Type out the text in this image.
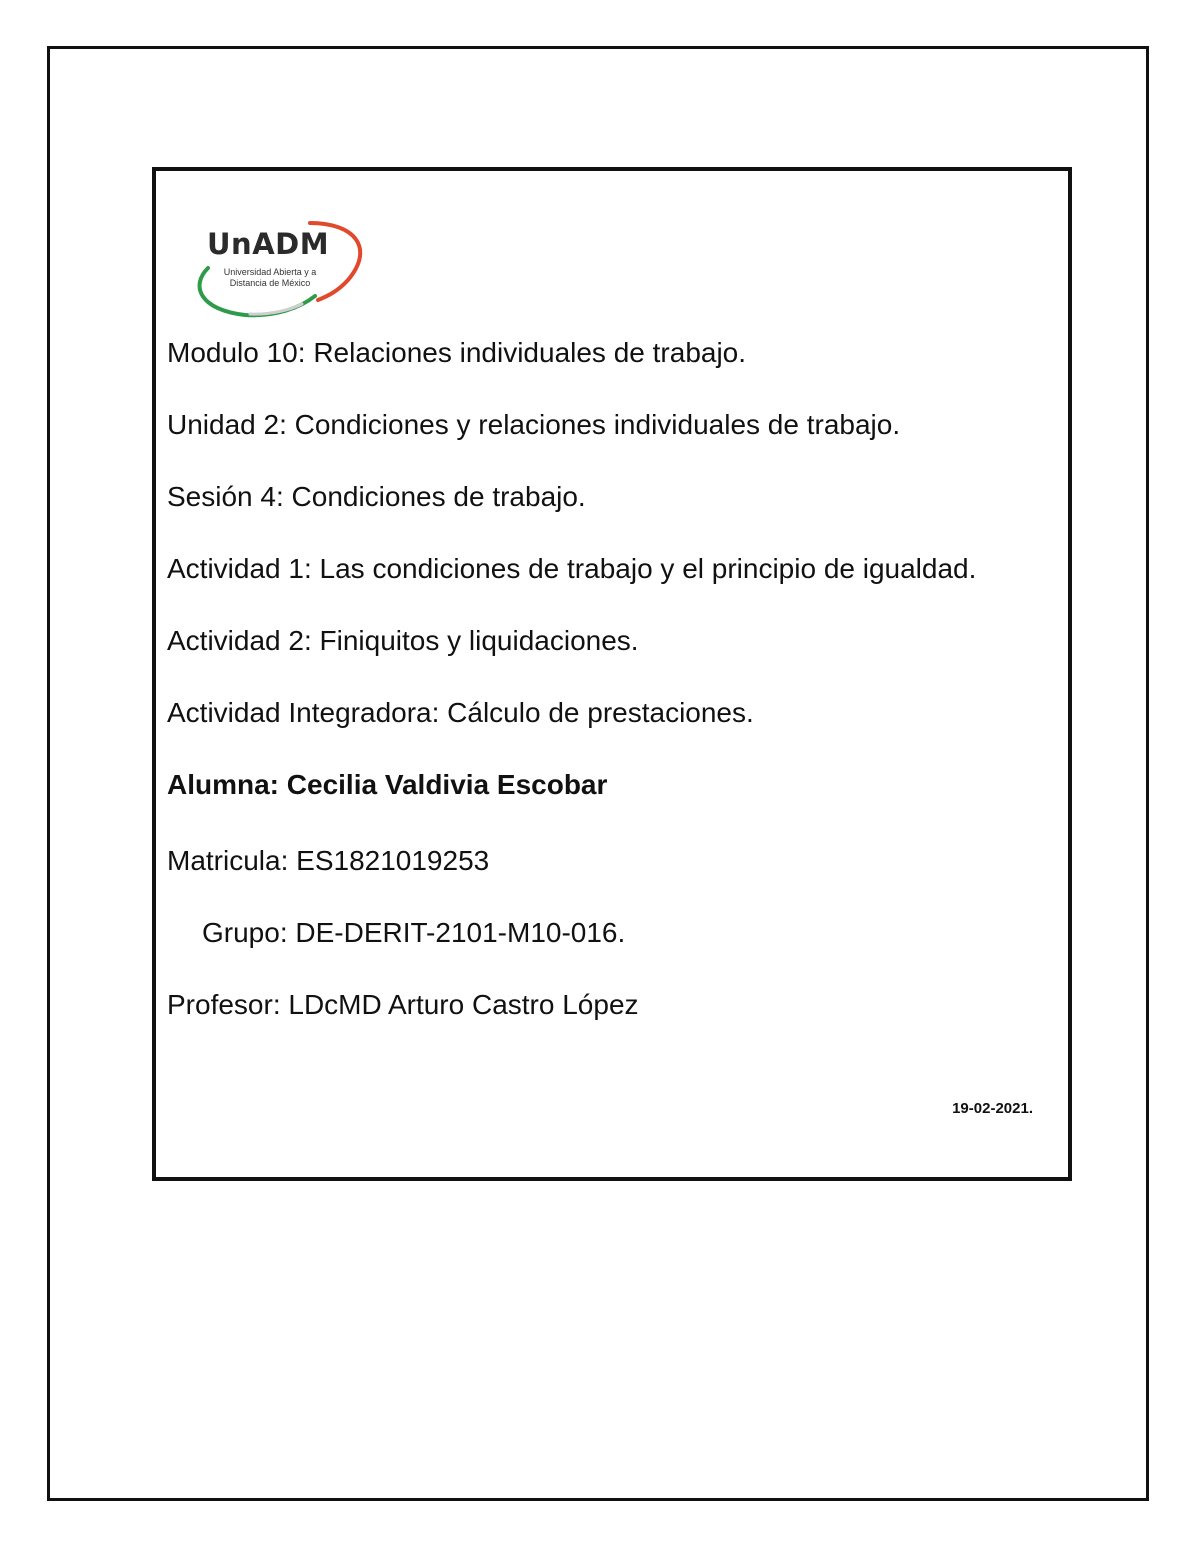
UnADM
Universidad Abierta y a
Distancia de México

Modulo 10: Relaciones individuales de trabajo.

Unidad 2: Condiciones y relaciones individuales de trabajo.

Sesión 4: Condiciones de trabajo.

Actividad 1: Las condiciones de trabajo y el principio de igualdad.

Actividad 2: Finiquitos y liquidaciones.

Actividad Integradora: Cálculo de prestaciones.

Alumna: Cecilia Valdivia Escobar

Matricula: ES1821019253

Grupo: DE-DERIT-2101-M10-016.

Profesor: LDcMD Arturo Castro López

19-02-2021.
